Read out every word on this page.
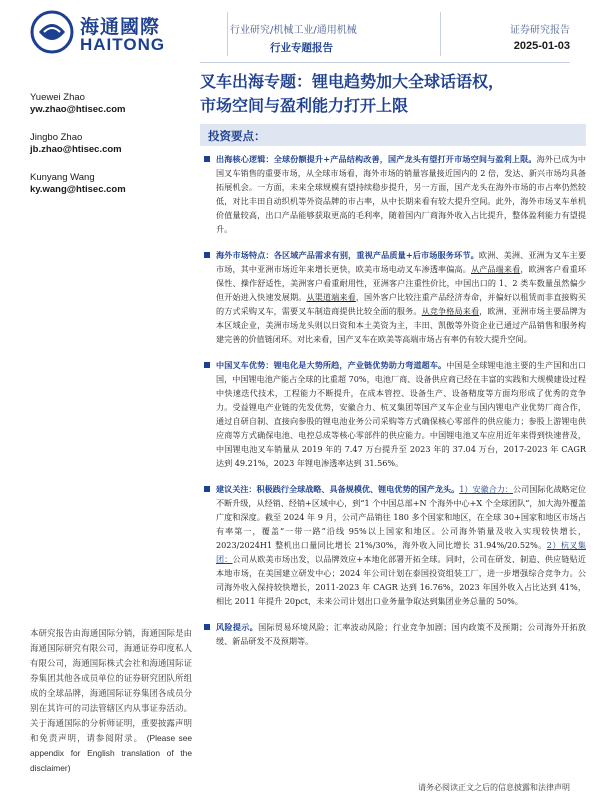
海通國際
HAITONG
行业研究/机械工业/通用机械
行业专题报告
证券研究报告
2025-01-03
叉车出海专题：锂电趋势加大全球话语权，
市场空间与盈利能力打开上限
Yuewei Zhao
yw.zhao@htisec.com
Jingbo Zhao
jb.zhao@htisec.com
Kunyang Wang
ky.wang@htisec.com
投资要点：
出海核心逻辑：全球份额提升+产品结构改善，国产龙头有望打开市场空间与盈利上限。海外已成为中国叉车销售的重要市场，从全球市场看，海外市场的销量容量接近国内的 2 倍，发达、新兴市场均具备拓展机会。一方面，未来全球规模有望持续稳步提升，另一方面，国产龙头在海外市场的市占率仍然较低，对比丰田自动织机等外资品牌的市占率，从中长期来看有较大提升空间。此外，海外市场叉车单机价值量较高，出口产品能够获取更高的毛利率，随着国内厂商海外收入占比提升，整体盈利能力有望提升。
海外市场特点：各区域产品需求有别，重视产品质量+后市场服务环节。欧洲、美洲、亚洲为叉车主要市场，其中亚洲市场近年来增长更快，欧美市场电动叉车渗透率偏高。从产品端来看，欧洲客户看重环保性、操作舒适性，美洲客户看重耐用性，亚洲客户注重性价比，中国出口的 1、2 类车数量虽然偏少但开始进入快速发展期。从渠道端来看，国外客户比较注重产品经济寿命，并偏好以租赁而非直接购买的方式采购叉车，需要叉车制造商提供比较全面的服务。从竞争格局来看，欧洲、亚洲市场主要品牌为本区域企业，美洲市场龙头则以日资和本土美资为主，丰田、凯傲等外资企业已通过产品销售和服务构建完善的价值链闭环。对比来看，国产叉车在欧美等高端市场占有率仍有较大提升空间。
中国叉车优势：锂电化是大势所趋，产业链优势助力弯道超车。中国是全球锂电池主要的生产国和出口国，中国锂电池产能占全球的比重超 70%，电池厂商、设备供应商已经在丰富的实践和大规模建设过程中快速迭代技术，工程能力不断提升，在成本管控、设备生产、设备精度等方面均形成了优秀的竞争力。受益锂电产业链的先发优势，安徽合力、杭叉集团等国产叉车企业与国内锂电产业优势厂商合作，通过自研自制、直接向参股的锂电池业务公司采购等方式确保核心零部件的供应能力；参股上游锂电供应商等方式确保电池、电控总成等核心零部件的供应能力。中国锂电池叉车应用近年来得到快速普及，中国锂电池叉车销量从 2019 年的 7.47 万台提升至 2023 年的 37.04 万台，2017-2023 年 CAGR 达到 49.21%，2023 年锂电渗透率达到 31.56%。
建议关注：积极践行全球战略、具备规模优、锂电优势的国产龙头。1）安徽合力：公司国际化战略定位不断升级，从经销、经销+区域中心，到“1 个中国总部+N 个海外中心+X 个全球团队”，加大海外覆盖广度和深度。截至 2024 年 9 月，公司产品销往 180 多个国家和地区，在全球 30+国家和地区市场占有率第一，覆盖“一带一路”沿线 95%以上国家和地区。公司海外销量及收入实现较快增长，2023/2024H1 整机出口量同比增长 21%/30%，海外收入同比增长 31.94%/20.52%。2）杭叉集团：公司从欧美市场出发，以品牌效应+本地化部署开拓全球。同时，公司在研发、制造、供应链贴近本地市场，在美国建立研发中心；2024 年公司计划在泰国投资组装工厂，进一步增强综合竞争力。公司海外收入保持较快增长，2011-2023 年 CAGR 达到 16.76%，2023 年国外收入占比达到 41%，相比 2011 年提升 20pct，未来公司计划出口业务量争取达到集团业务总量的 50%。
风险提示。国际贸易环境风险；汇率波动风险；行业竞争加剧；国内政策不及预期；公司海外开拓放缓、新品研发不及预期等。
本研究报告由海通国际分销，海通国际是由海通国际研究有限公司，海通证券印度私人有限公司，海通国际株式会社和海通国际证券集团其他各成员单位的证券研究团队所组成的全球品牌，海通国际证券集团各成员分别在其许可的司法管辖区内从事证券活动。关于海通国际的分析师证明，重要披露声明和免责声明，请参阅附录。 (Please see appendix for English translation of the disclaimer)
请务必阅读正文之后的信息披露和法律声明
